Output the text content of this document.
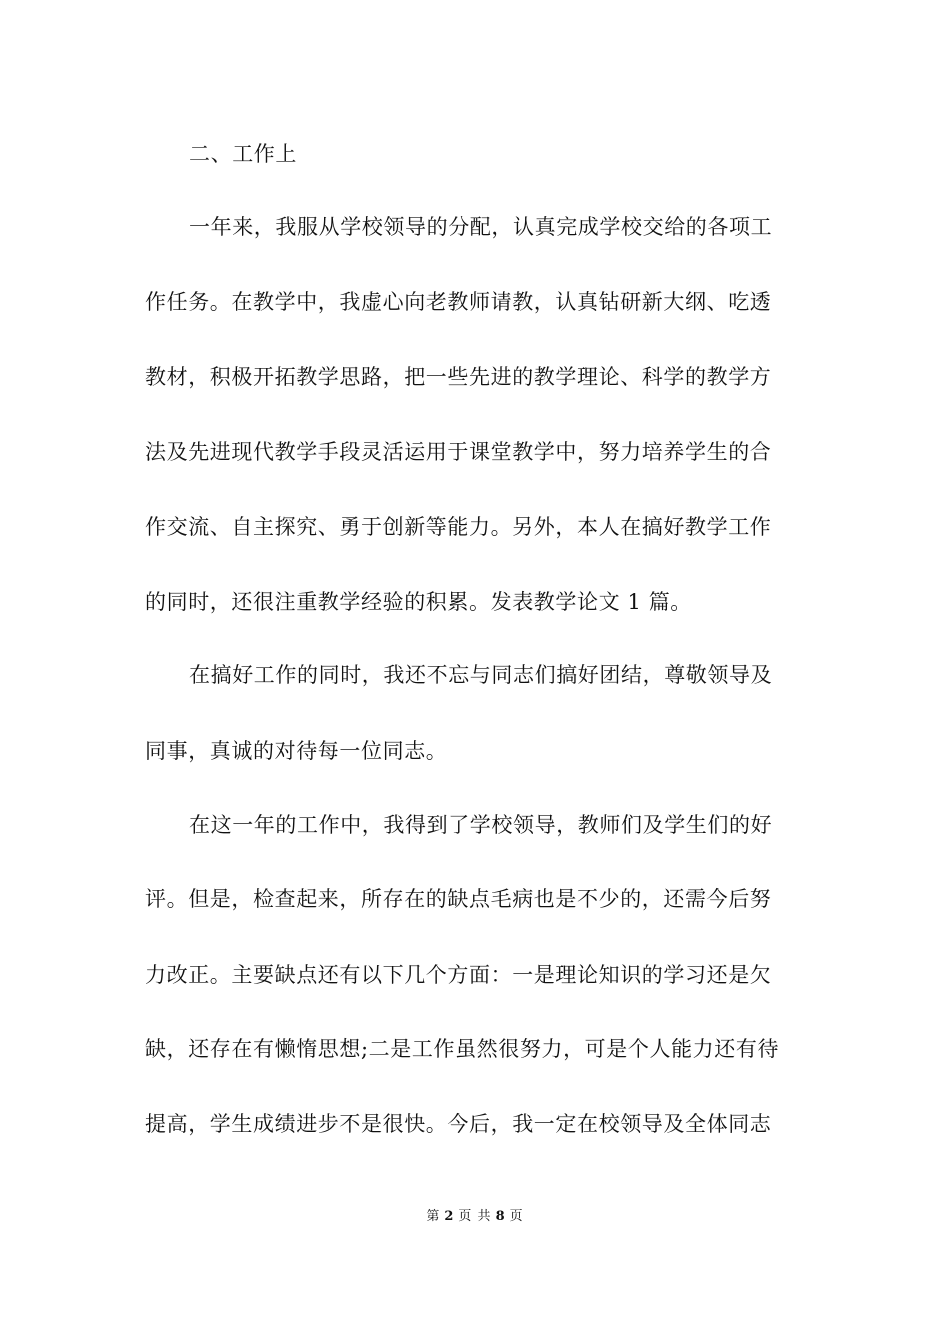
二、工作上
一年来，我服从学校领导的分配，认真完成学校交给的各项工
作任务。在教学中，我虚心向老教师请教，认真钻研新大纲、吃透
教材，积极开拓教学思路，把一些先进的教学理论、科学的教学方
法及先进现代教学手段灵活运用于课堂教学中，努力培养学生的合
作交流、自主探究、勇于创新等能力。另外，本人在搞好教学工作
的同时，还很注重教学经验的积累。发表教学论文 1 篇。
在搞好工作的同时，我还不忘与同志们搞好团结，尊敬领导及
同事，真诚的对待每一位同志。
在这一年的工作中，我得到了学校领导，教师们及学生们的好
评。但是，检查起来，所存在的缺点毛病也是不少的，还需今后努
力改正。主要缺点还有以下几个方面：一是理论知识的学习还是欠
缺，还存在有懒惰思想;二是工作虽然很努力，可是个人能力还有待
提高，学生成绩进步不是很快。今后，我一定在校领导及全体同志
第 2 页 共 8 页
